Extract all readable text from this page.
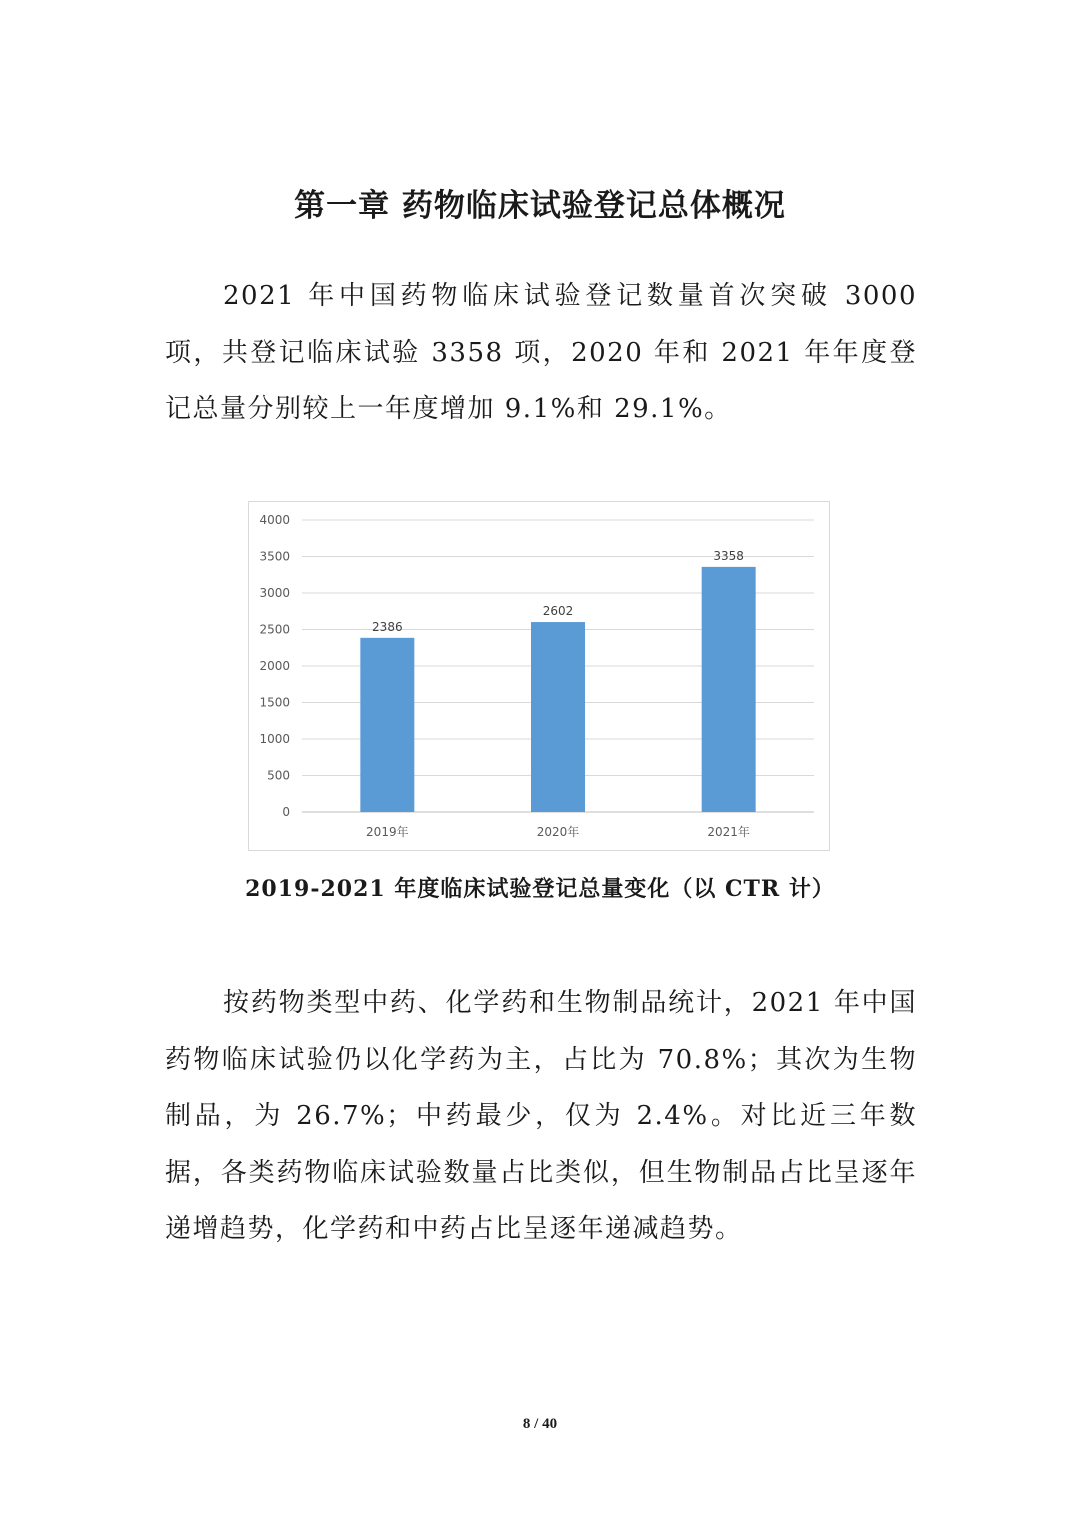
第一章 药物临床试验登记总体概况

2021 年中国药物临床试验登记数量首次突破 3000 项，共登记临床试验 3358 项，2020 年和 2021 年年度登记总量分别较上一年度增加 9.1%和 29.1%。

0
500
1000
1500
2000
2500
3000
3500
4000
2386
2019年
2602
2020年
3358
2021年

2019-2021 年度临床试验登记总量变化（以 CTR 计）

按药物类型中药、化学药和生物制品统计，2021 年中国药物临床试验仍以化学药为主，占比为 70.8%；其次为生物制品，为 26.7%；中药最少，仅为 2.4%。对比近三年数据，各类药物临床试验数量占比类似，但生物制品占比呈逐年递增趋势，化学药和中药占比呈逐年递减趋势。

8 / 40
